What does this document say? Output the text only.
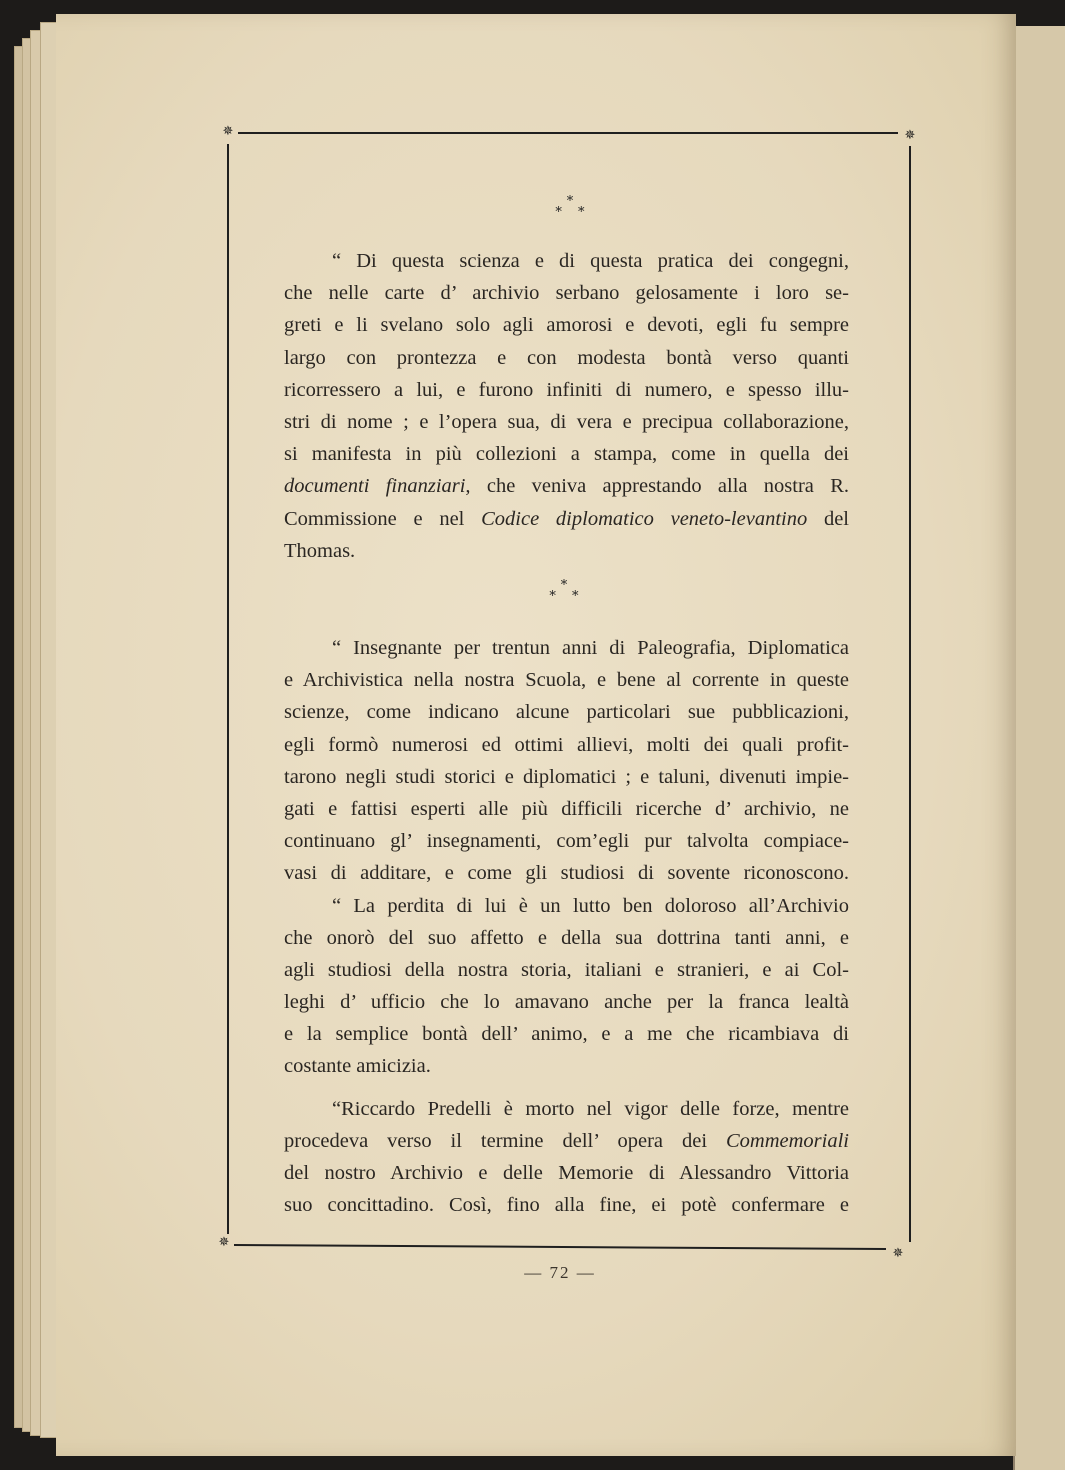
✵	✵
✵
✵
*
* *
“ Di questa scienza e di questa pratica dei congegni,
che nelle carte d’ archivio serbano gelosamente i loro se-
greti e li svelano solo agli amorosi e devoti, egli fu sempre
largo con prontezza e con modesta bontà verso quanti
ricorressero a lui, e furono infiniti di numero, e spesso illu-
stri di nome ; e l’opera sua, di vera e precipua collaborazione,
si manifesta in più collezioni a stampa, come in quella dei
documenti finanziari, che veniva apprestando alla nostra R.
Commissione e nel Codice diplomatico veneto-levantino del
Thomas.
*
* *
“ Insegnante per trentun anni di Paleografia, Diplomatica
e Archivistica nella nostra Scuola, e bene al corrente in queste
scienze, come indicano alcune particolari sue pubblicazioni,
egli formò numerosi ed ottimi allievi, molti dei quali profit-
tarono negli studi storici e diplomatici ; e taluni, divenuti impie-
gati e fattisi esperti alle più difficili ricerche d’ archivio, ne
continuano gl’ insegnamenti, com’egli pur talvolta compiace-
vasi di additare, e come gli studiosi di sovente riconoscono.
“ La perdita di lui è un lutto ben doloroso all’Archivio
che onorò del suo affetto e della sua dottrina tanti anni, e
agli studiosi della nostra storia, italiani e stranieri, e ai Col-
leghi d’ ufficio che lo amavano anche per la franca lealtà
e la semplice bontà dell’ animo, e a me che ricambiava di
costante amicizia.
“Riccardo Predelli è morto nel vigor delle forze, mentre
procedeva verso il termine dell’ opera dei Commemoriali
del nostro Archivio e delle Memorie di Alessandro Vittoria
suo concittadino. Così, fino alla fine, ei potè confermare e
— 72 —
